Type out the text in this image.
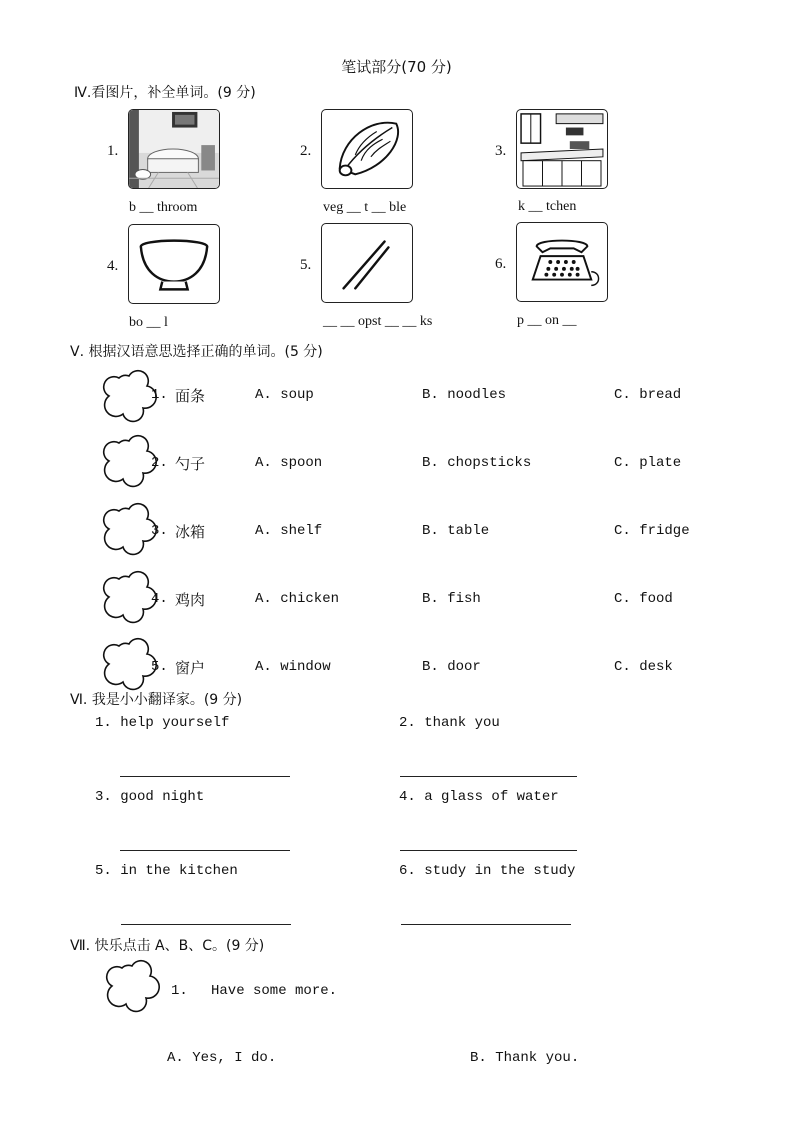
笔试部分(70 分)
Ⅳ.看图片，补全单词。(9 分)
1.
b __ throom
2.
veg __ t __ ble
3.
k __ tchen
4.
bo __ l
5.
__ __ opst __ __ ks
6.
p __ on __
Ⅴ. 根据汉语意思选择正确的单词。(5 分)
1. 面条	A. soup	B. noodles	C. bread
2. 勺子	A. spoon	B. chopsticks	C. plate
3. 冰箱	A. shelf	B. table	C. fridge
4. 鸡肉	A. chicken	B. fish	C. food
5. 窗户	A. window	B. door	C. desk
Ⅵ. 我是小小翻译家。(9 分)
1. help yourself	2. thank you
3. good night	4. a glass of water
5. in the kitchen	6. study in the study
Ⅶ. 快乐点击 A、B、C。(9 分)
1. Have some more.
A. Yes, I do.	B. Thank you.
